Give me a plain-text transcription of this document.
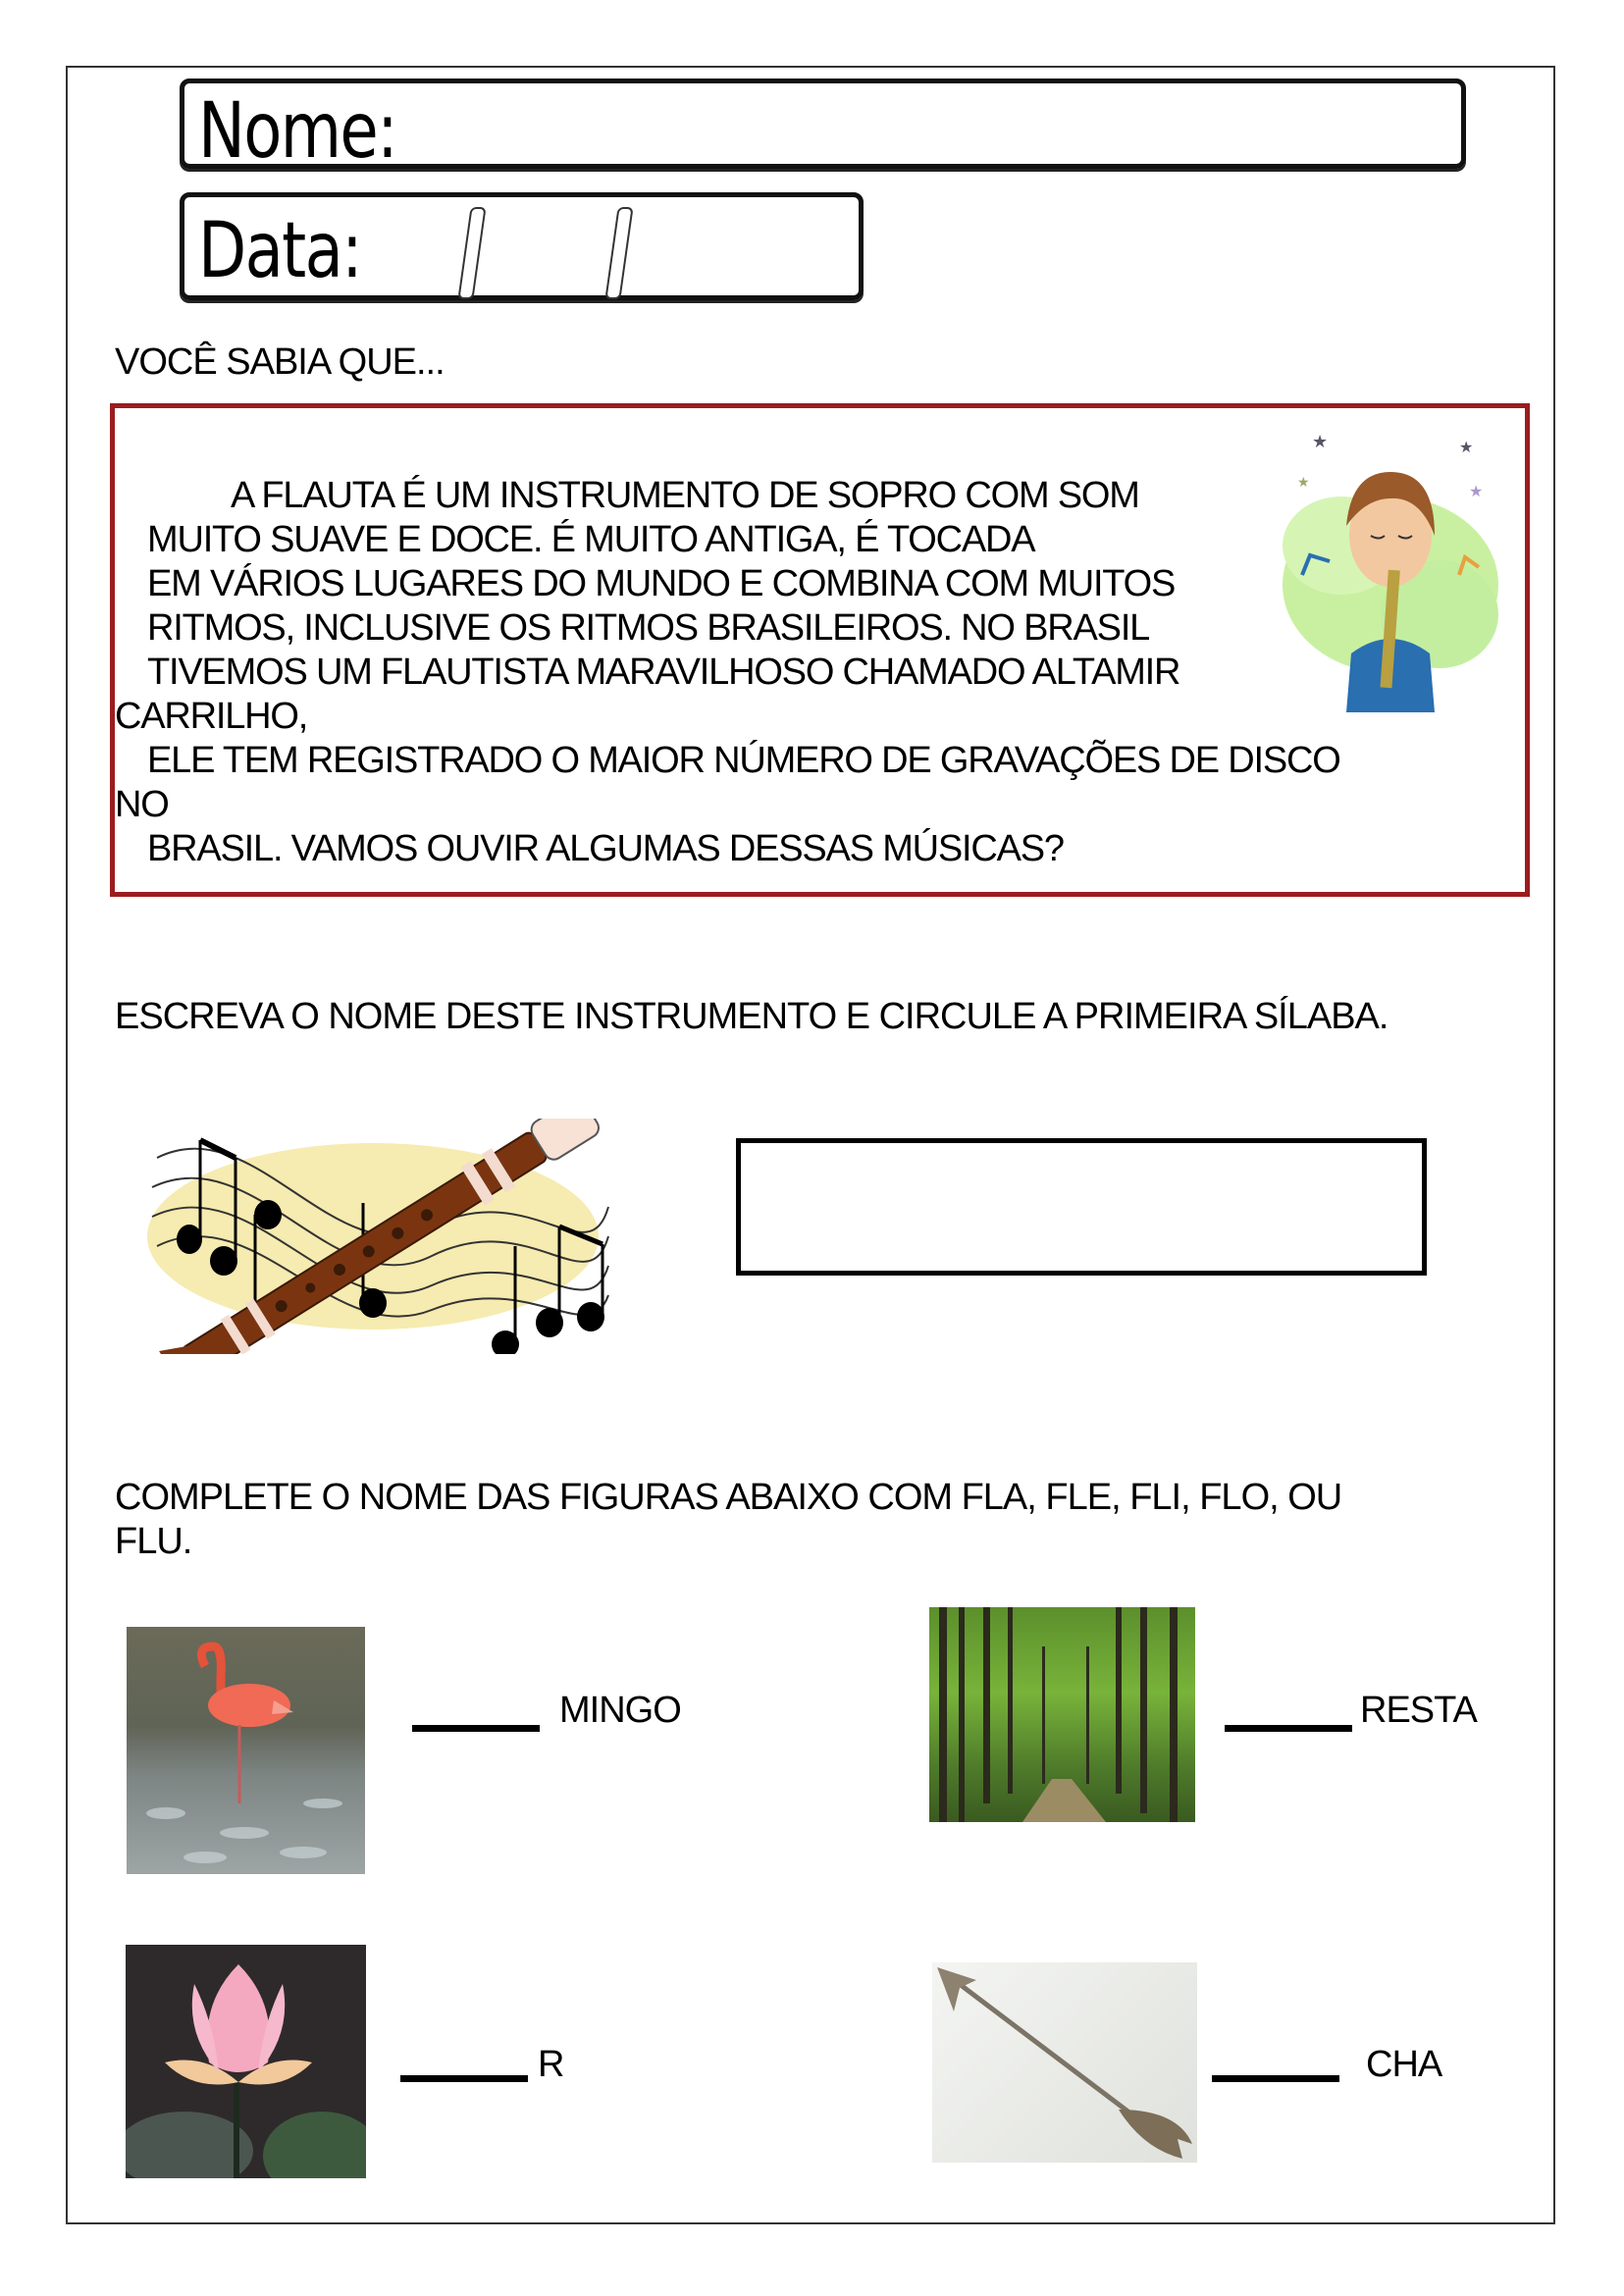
Nome:
Data:
VOCÊ SABIA QUE...
A FLAUTA É UM INSTRUMENTO DE SOPRO COM SOM
MUITO SUAVE E DOCE. É MUITO ANTIGA, É TOCADA
EM VÁRIOS LUGARES DO MUNDO E COMBINA COM MUITOS
RITMOS, INCLUSIVE OS RITMOS BRASILEIROS. NO BRASIL
TIVEMOS UM FLAUTISTA MARAVILHOSO CHAMADO ALTAMIR
CARRILHO,
ELE TEM REGISTRADO O MAIOR NÚMERO DE GRAVAÇÕES DE DISCO
NO
BRASIL. VAMOS OUVIR ALGUMAS DESSAS MÚSICAS?
★	★
★
★
ESCREVA O NOME DESTE INSTRUMENTO E CIRCULE A PRIMEIRA SÍLABA.
COMPLETE O NOME DAS FIGURAS ABAIXO COM FLA, FLE, FLI, FLO, OU
FLU.
MINGO	RESTA
R	CHA
